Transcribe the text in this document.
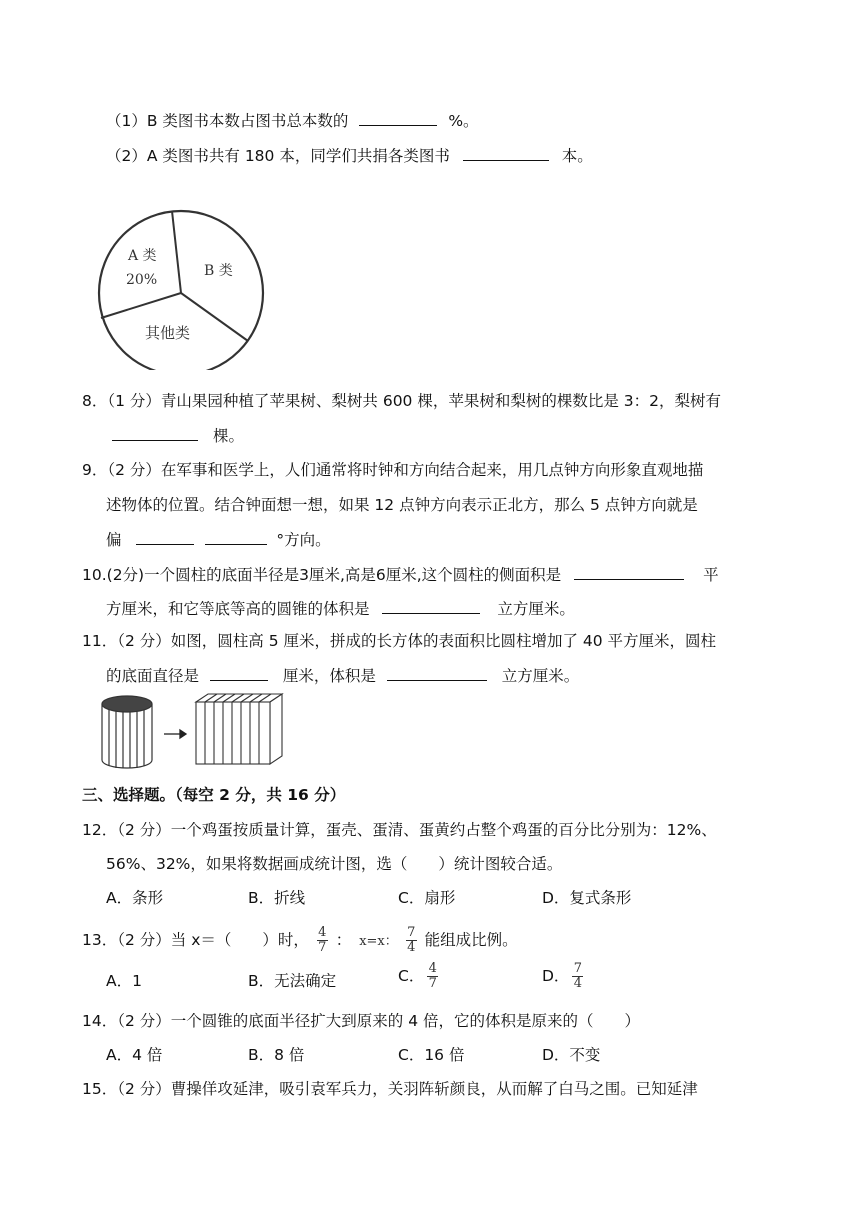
（1）B 类图书本数占图书总本数的	%。
（2）A 类图书共有 180 本，同学们共捐各类图书	本。
A 类
20%
B 类
其他类
8．（1 分）青山果园种植了苹果树、梨树共 600 棵，苹果树和梨树的棵数比是 3：2，梨树有
棵。
9．（2 分）在军事和医学上，人们通常将时钟和方向结合起来，用几点钟方向形象直观地描
述物体的位置。结合钟面想一想，如果 12 点钟方向表示正北方，那么 5 点钟方向就是
偏	°方向。
10.(2分)一个圆柱的底面半径是3厘米,高是6厘米,这个圆柱的侧面积是	平
方厘米，和它等底等高的圆锥的体积是	立方厘米。
11．（2 分）如图，圆柱高 5 厘米，拼成的长方体的表面积比圆柱增加了 40 平方厘米，圆柱
的底面直径是	厘米，体积是	立方厘米。
三、选择题。（每空 2 分，共 16 分）
12．（2 分）一个鸡蛋按质量计算，蛋壳、蛋清、蛋黄约占整个鸡蛋的百分比分别为：12%、
56%、32%，如果将数据画成统计图，选（　　）统计图较合适。
A．条形	B．折线	C．扇形	D．复式条形
13．（2 分）当 x＝（　　）时， $\frac{4}{7}$ ： x=x： $\frac{7}{4}$ 能组成比例。
A．1	B．无法确定	C． $\frac{4}{7}$	D． $\frac{7}{4}$
14．（2 分）一个圆锥的底面半径扩大到原来的 4 倍，它的体积是原来的（　　）
A．4 倍	B．8 倍	C．16 倍	D．不变
15．（2 分）曹操佯攻延津，吸引袁军兵力，关羽阵斩颜良，从而解了白马之围。已知延津
